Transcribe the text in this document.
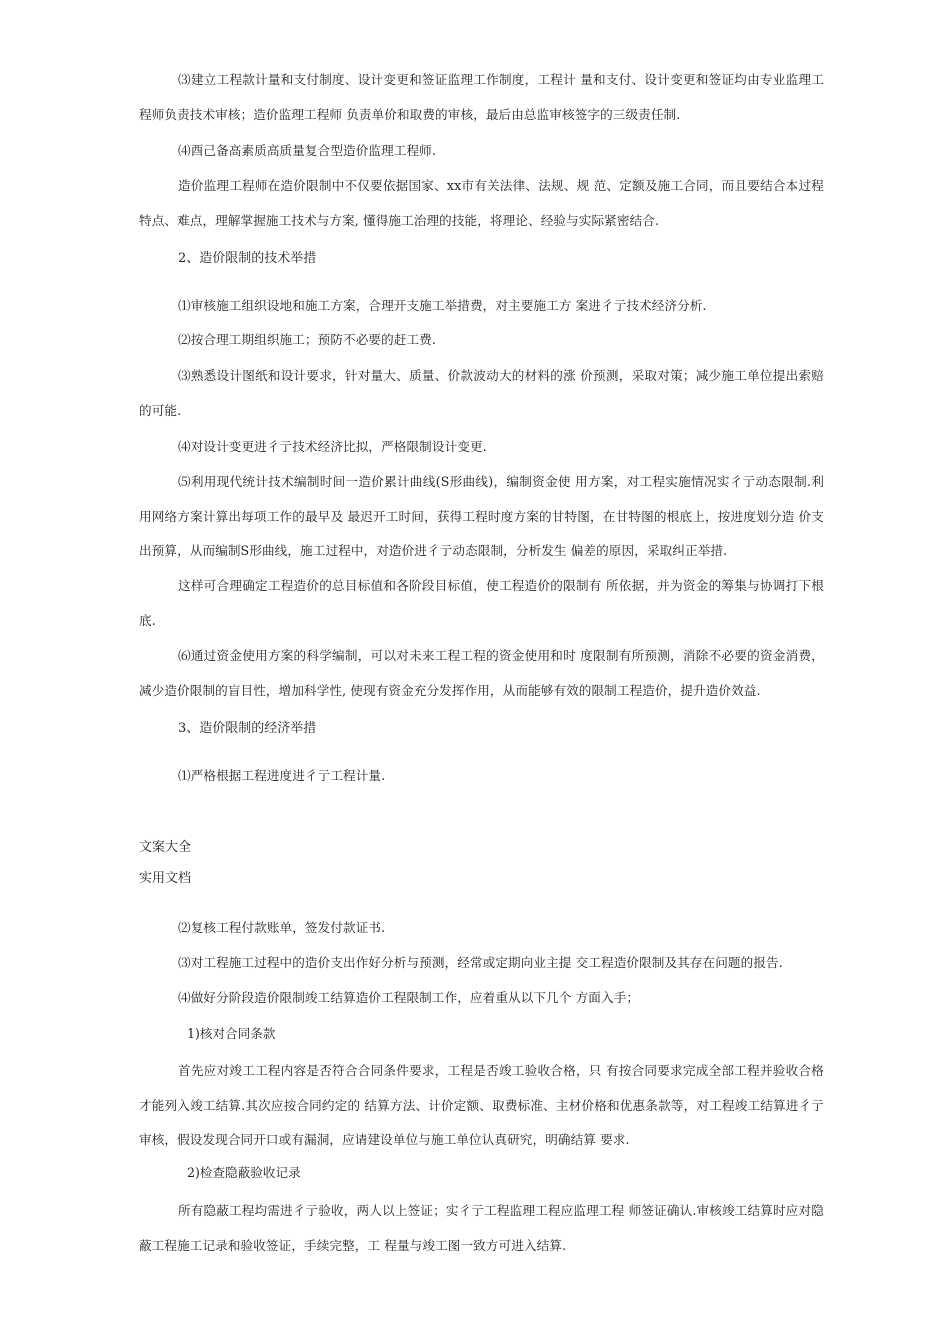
⑶建立工程款计量和支付制度、设计变更和签证监理工作制度，工程计 量和支付、设计变更和签证均由专业监理工程师负责技术审核；造价监理工程师 负责单价和取费的审核，最后由总监审核签字的三级责任制.

⑷酉己备高素质高质量复合型造价监理工程师.

造价监理工程师在造价限制中不仅要依据国家、xx市有关法律、法规、规 范、定额及施工合同，而且要结合本过程特点、难点，理解掌握施工技术与方案, 懂得施工治理的技能，将理论、经验与实际紧密结合.

2、造价限制的技术举措

⑴审核施工组织设地和施工方案，合理开支施工举措费，对主要施工方 案进彳亍技术经济分析.

⑵按合理工期组织施工；预防不必要的赶工费.

⑶熟悉设计图纸和设计要求，针对量大、质量、价款波动大的材料的涨 价预测，采取对策；减少施工单位提出索赔的可能.

⑷对设计变更进彳亍技术经济比拟，严格限制设计变更.

⑸利用现代统计技术编制时间一造价累计曲线(S形曲线)，编制资金使 用方案，对工程实施情况实彳亍动态限制.利用网络方案计算出每项工作的最早及 最迟开工时间，获得工程时度方案的甘特图，在甘特图的根底上，按进度划分造 价支出预算，从而编制S形曲线，施工过程中，对造价进彳亍动态限制，分析发生 偏差的原因，采取纠正举措.

这样可合理确定工程造价的总目标值和各阶段目标值，使工程造价的限制有 所依据，并为资金的筹集与协调打下根底.

⑹通过资金使用方案的科学编制，可以对未来工程工程的资金使用和时 度限制有所预测，消除不必要的资金消费，减少造价限制的盲目性，增加科学性, 使现有资金充分发挥作用，从而能够有效的限制工程造价，提升造价效益.

3、造价限制的经济举措

⑴严格根据工程进度进彳亍工程计量.

文案大全

实用文档

⑵复核工程付款账单，签发付款证书.

⑶对工程施工过程中的造价支出作好分析与预测，经常或定期向业主提 交工程造价限制及其存在问题的报告.

⑷做好分阶段造价限制竣工结算造价工程限制工作，应着重从以下几个 方面入手；

1)核对合同条款

首先应对竣工工程内容是否符合合同条件要求，工程是否竣工验收合格，只 有按合同要求完成全部工程并验收合格才能列入竣工结算.其次应按合同约定的 结算方法、计价定额、取费标准、主材价格和优惠条款等，对工程竣工结算进彳亍审核，假设发现合同开口或有漏洞，应请建设单位与施工单位认真研究，明确结算 要求.

2)检查隐蔽验收记录

所有隐蔽工程均需进彳亍验收，两人以上签证；实彳亍工程监理工程应监理工程 师签证确认.审核竣工结算时应对隐蔽工程施工记录和验收签证，手续完整，工 程量与竣工图一致方可进入结算.
